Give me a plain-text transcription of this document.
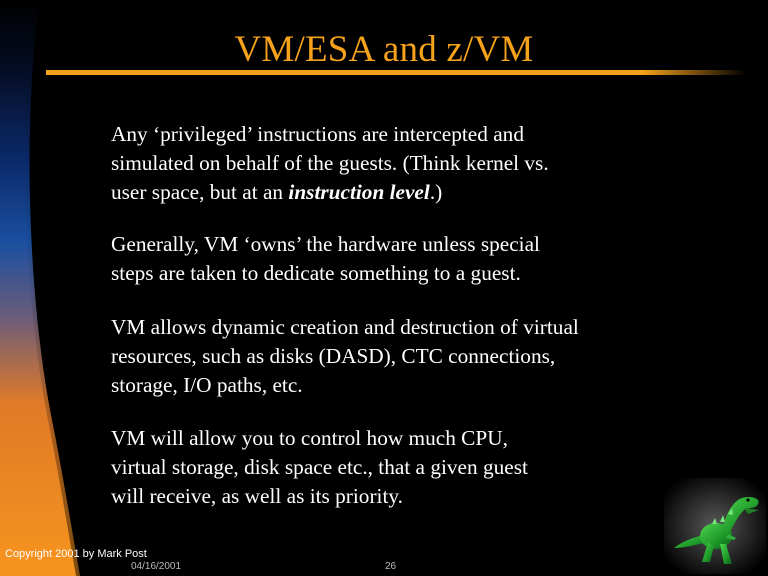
VM/ESA and z/VM

Any ‘privileged’ instructions are intercepted and
simulated on behalf of the guests. (Think kernel vs.
user space, but at an instruction level.)

Generally, VM ‘owns’ the hardware unless special
steps are taken to dedicate something to a guest.

VM allows dynamic creation and destruction of virtual
resources, such as disks (DASD), CTC connections,
storage, I/O paths, etc.

VM will allow you to control how much CPU,
virtual storage, disk space etc., that a given guest
will receive, as well as its priority.

Copyright 2001 by Mark Post
04/16/2001	26
